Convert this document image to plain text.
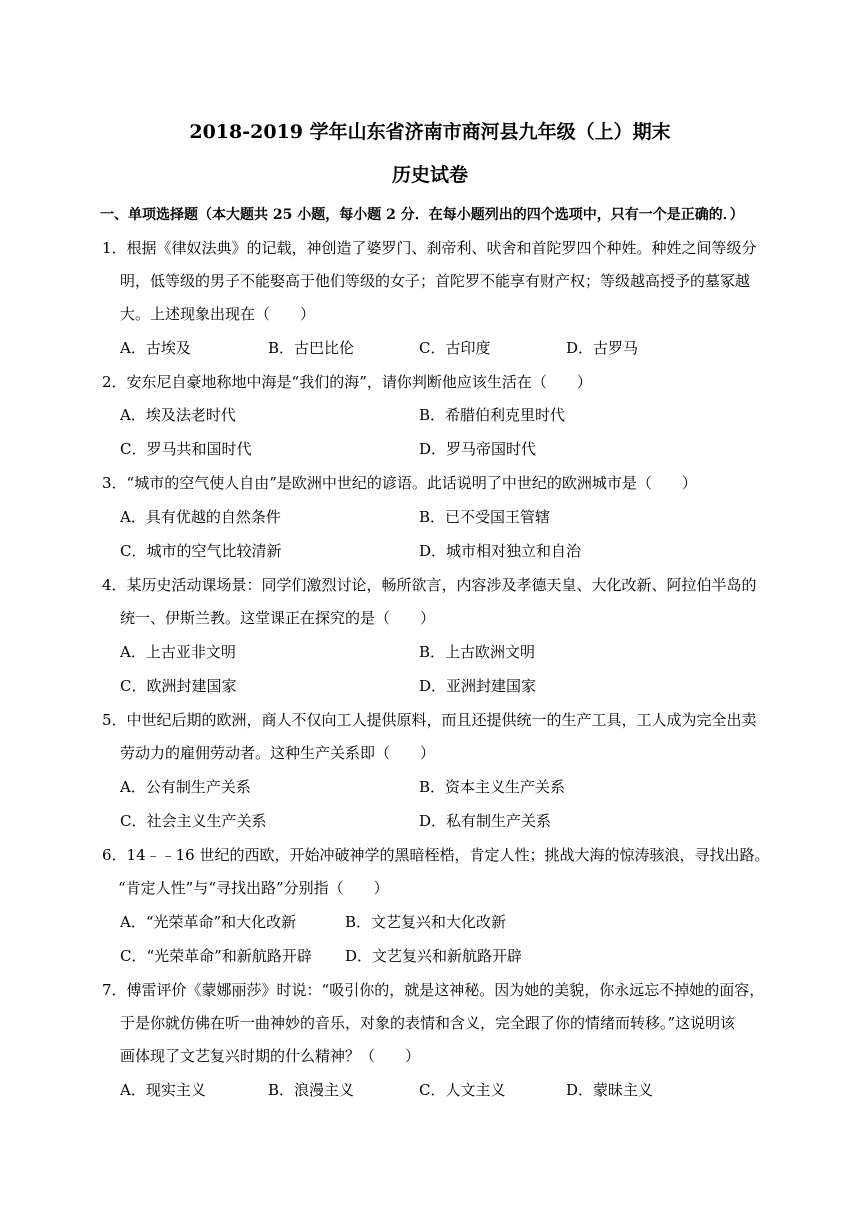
2018-2019 学年山东省济南市商河县九年级（上）期末
历史试卷
一、单项选择题（本大题共 25 小题，每小题 2 分．在每小题列出的四个选项中，只有一个是正确的．）
1．根据《律奴法典》的记载，神创造了婆罗门、刹帝利、吠舍和首陀罗四个种姓。种姓之间等级分
明，低等级的男子不能娶高于他们等级的女子；首陀罗不能享有财产权；等级越高授予的墓冢越
大。上述现象出现在（　　）
A．古埃及	B．古巴比伦	C．古印度	D．古罗马
2．安东尼自豪地称地中海是“我们的海”，请你判断他应该生活在（　　）
A．埃及法老时代	B．希腊伯利克里时代
C．罗马共和国时代	D．罗马帝国时代
3．“城市的空气使人自由”是欧洲中世纪的谚语。此话说明了中世纪的欧洲城市是（　　）
A．具有优越的自然条件	B．已不受国王管辖
C．城市的空气比较清新	D．城市相对独立和自治
4．某历史活动课场景：同学们激烈讨论，畅所欲言，内容涉及孝德天皇、大化改新、阿拉伯半岛的
统一、伊斯兰教。这堂课正在探究的是（　　）
A．上古亚非文明	B．上古欧洲文明
C．欧洲封建国家	D．亚洲封建国家
5．中世纪后期的欧洲，商人不仅向工人提供原料，而且还提供统一的生产工具，工人成为完全出卖
劳动力的雇佣劳动者。这种生产关系即（　　）
A．公有制生产关系	B．资本主义生产关系
C．社会主义生产关系	D．私有制生产关系
6．14﹣﹣16 世纪的西欧，开始冲破神学的黑暗桎梏，肯定人性；挑战大海的惊涛骇浪，寻找出路。
“肯定人性”与“寻找出路”分别指（　　）
A．“光荣革命”和大化改新	B．文艺复兴和大化改新
C．“光荣革命”和新航路开辟 D．文艺复兴和新航路开辟
7．傅雷评价《蒙娜丽莎》时说：“吸引你的，就是这神秘。因为她的美貌，你永远忘不掉她的面容，
于是你就仿佛在听一曲神妙的音乐，对象的表情和含义，完全跟了你的情绪而转移。”这说明该
画体现了文艺复兴时期的什么精神？（　　）
A．现实主义	B．浪漫主义	C．人文主义	D．蒙昧主义
